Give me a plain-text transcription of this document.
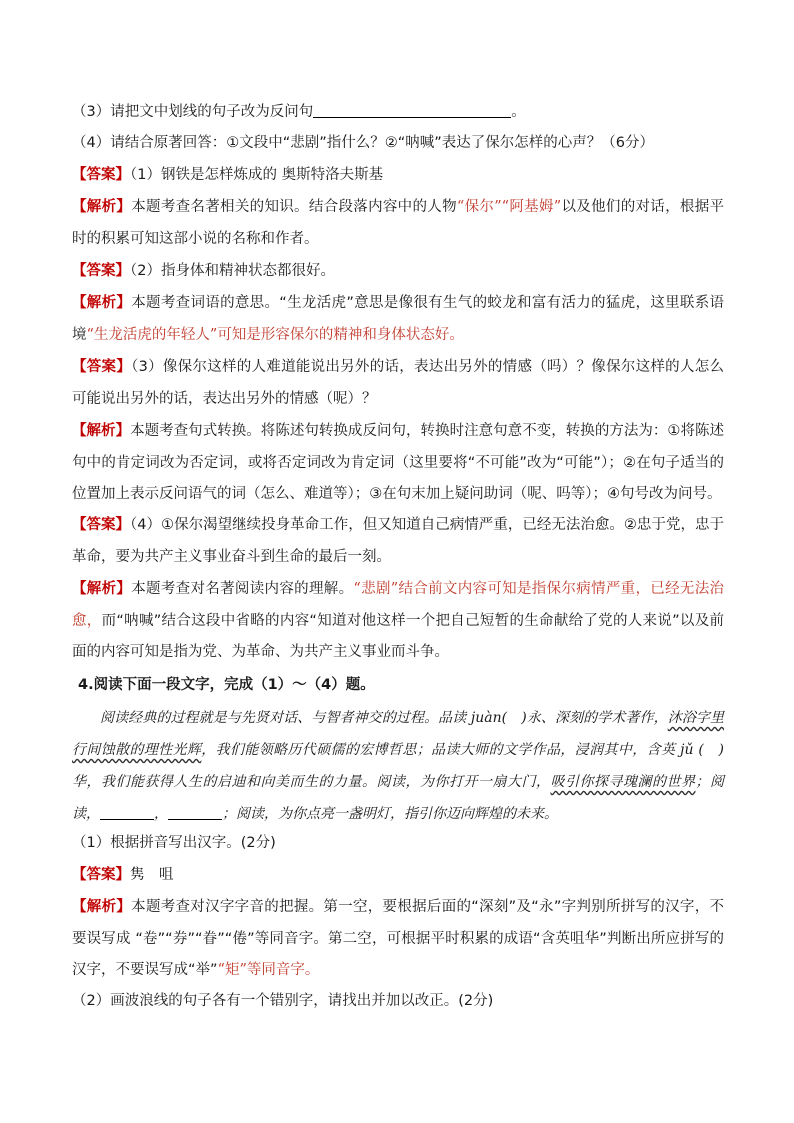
（3）请把文中划线的句子改为反问句	。

（4）请结合原著回答：①文段中“悲剧”指什么？②“呐喊”表达了保尔怎样的心声？（6分）

【答案】（1）钢铁是怎样炼成的 奥斯特洛夫斯基

【解析】本题考查名著相关的知识。结合段落内容中的人物“保尔”“阿基姆”以及他们的对话，根据平时的积累可知这部小说的名称和作者。

【答案】（2）指身体和精神状态都很好。

【解析】本题考查词语的意思。“生龙活虎”意思是像很有生气的蛟龙和富有活力的猛虎，这里联系语境“生龙活虎的年轻人”可知是形容保尔的精神和身体状态好。

【答案】（3）像保尔这样的人难道能说出另外的话，表达出另外的情感（吗）？像保尔这样的人怎么可能说出另外的话，表达出另外的情感（呢）？

【解析】本题考查句式转换。将陈述句转换成反问句，转换时注意句意不变，转换的方法为：①将陈述句中的肯定词改为否定词，或将否定词改为肯定词（这里要将“不可能”改为“可能”）；②在句子适当的位置加上表示反问语气的词（怎么、难道等）；③在句末加上疑问助词（呢、吗等）；④句号改为问号。

【答案】（4）①保尔渴望继续投身革命工作，但又知道自己病情严重，已经无法治愈。②忠于党，忠于革命，要为共产主义事业奋斗到生命的最后一刻。

【解析】本题考查对名著阅读内容的理解。“悲剧”结合前文内容可知是指保尔病情严重，已经无法治愈，而“呐喊”结合这段中省略的内容“知道对他这样一个把自己短暂的生命献给了党的人来说”以及前面的内容可知是指为党、为革命、为共产主义事业而斗争。

4.阅读下面一段文字，完成（1）～（4）题。

阅读经典的过程就是与先贤对话、与智者神交的过程。品读 juàn(　)永、深刻的学术著作，沐浴字里行间蚀散的理性光辉，我们能领略历代硕儒的宏博哲思；品读大师的文学作品，浸润其中，含英 jǔ (　)华，我们能获得人生的启迪和向美而生的力量。阅读，为你打开一扇大门，吸引你探寻瑰澜的世界；阅读，	，	；阅读，为你点亮一盏明灯，指引你迈向辉煌的未来。

（1）根据拼音写出汉字。(2分)

【答案】隽　咀

【解析】本题考查对汉字字音的把握。第一空，要根据后面的“深刻”及“永”字判别所拼写的汉字，不要误写成 “卷”“券”“眷”“倦”等同音字。第二空，可根据平时积累的成语“含英咀华”判断出所应拼写的汉字，不要误写成“举”“矩”等同音字。

（2）画波浪线的句子各有一个错别字，请找出并加以改正。(2分)
